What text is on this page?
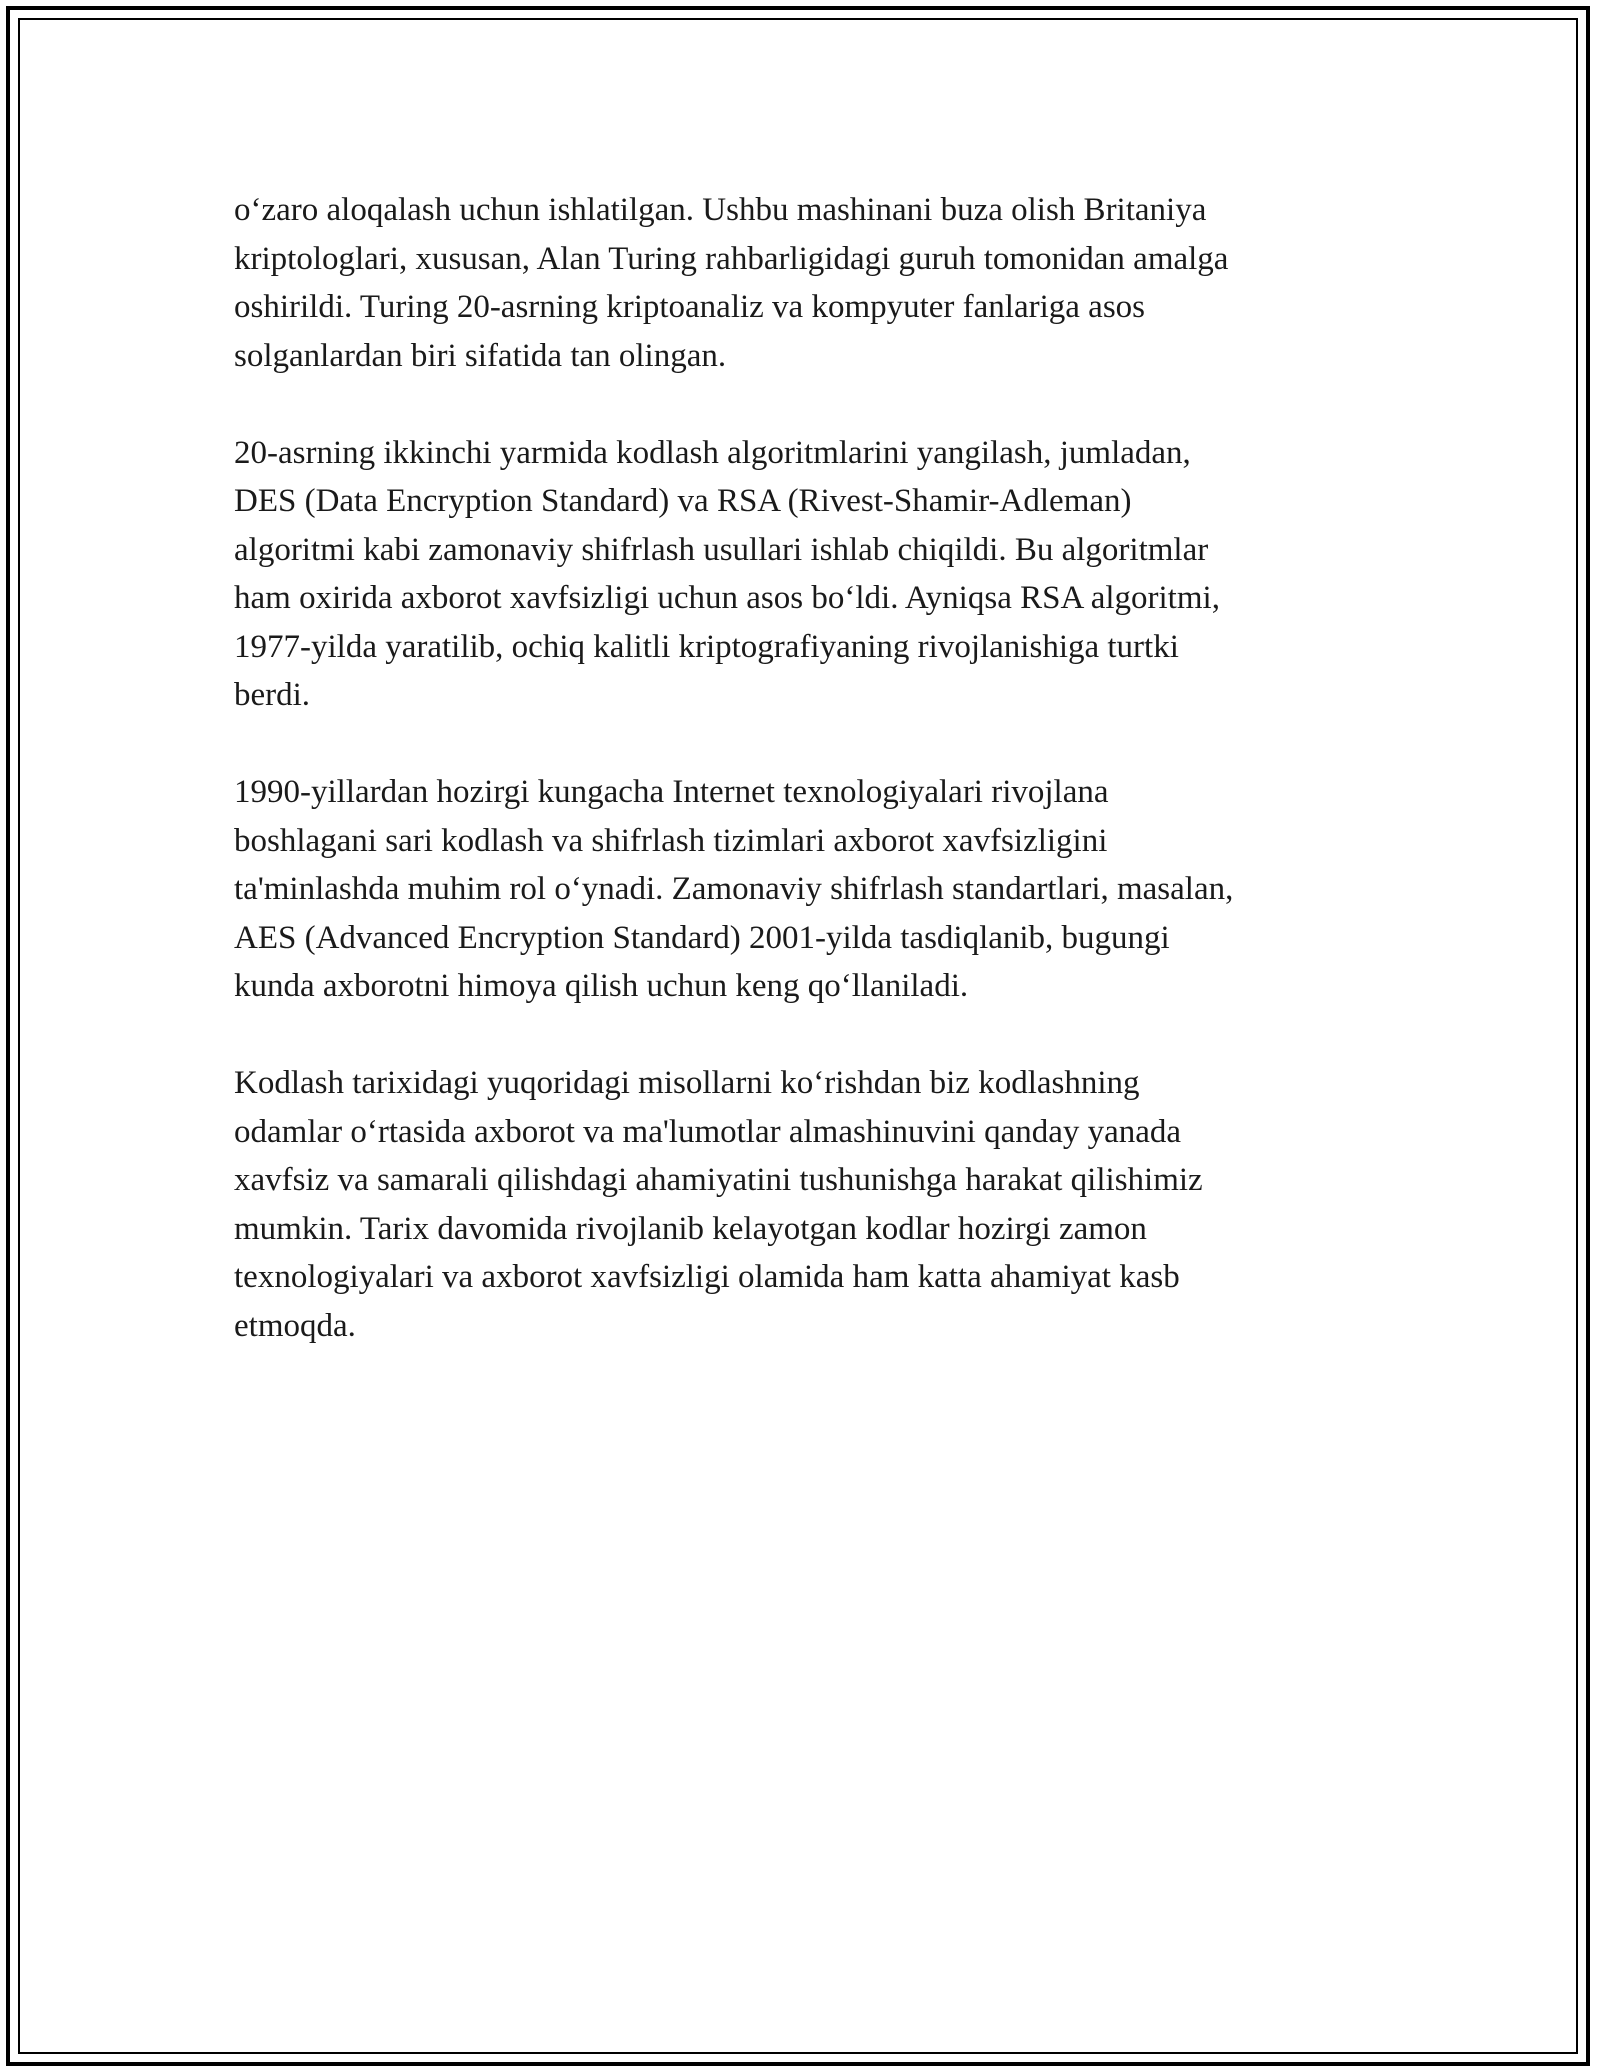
o‘zaro aloqalash uchun ishlatilgan. Ushbu mashinani buza olish Britaniya
kriptologlari, xususan, Alan Turing rahbarligidagi guruh tomonidan amalga
oshirildi. Turing 20-asrning kriptoanaliz va kompyuter fanlariga asos
solganlardan biri sifatida tan olingan.
20-asrning ikkinchi yarmida kodlash algoritmlarini yangilash, jumladan,
DES (Data Encryption Standard) va RSA (Rivest-Shamir-Adleman)
algoritmi kabi zamonaviy shifrlash usullari ishlab chiqildi. Bu algoritmlar
ham oxirida axborot xavfsizligi uchun asos bo‘ldi. Ayniqsa RSA algoritmi,
1977-yilda yaratilib, ochiq kalitli kriptografiyaning rivojlanishiga turtki
berdi.
1990-yillardan hozirgi kungacha Internet texnologiyalari rivojlana
boshlagani sari kodlash va shifrlash tizimlari axborot xavfsizligini
ta'minlashda muhim rol o‘ynadi. Zamonaviy shifrlash standartlari, masalan,
AES (Advanced Encryption Standard) 2001-yilda tasdiqlanib, bugungi
kunda axborotni himoya qilish uchun keng qo‘llaniladi.
Kodlash tarixidagi yuqoridagi misollarni ko‘rishdan biz kodlashning
odamlar o‘rtasida axborot va ma'lumotlar almashinuvini qanday yanada
xavfsiz va samarali qilishdagi ahamiyatini tushunishga harakat qilishimiz
mumkin. Tarix davomida rivojlanib kelayotgan kodlar hozirgi zamon
texnologiyalari va axborot xavfsizligi olamida ham katta ahamiyat kasb
etmoqda.
